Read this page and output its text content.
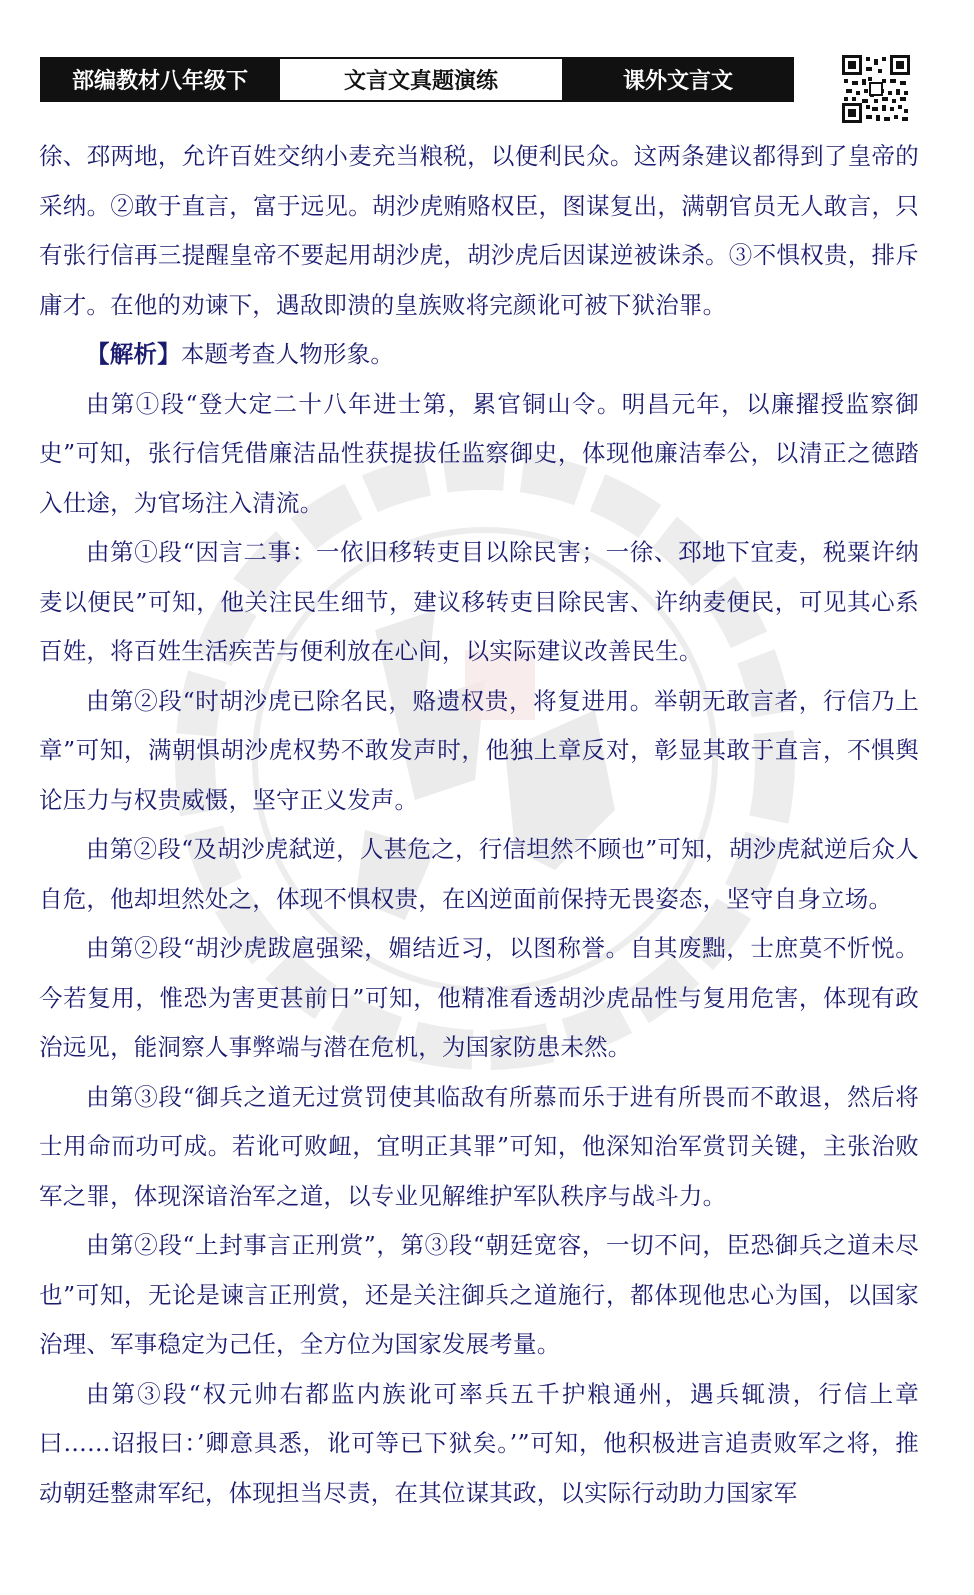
部编教材八年级下	文言文真题演练	课外文言文

徐、邳两地，允许百姓交纳小麦充当粮税，以便利民众。这两条建议都得到了皇帝的采纳。②敢于直言，富于远见。胡沙虎贿赂权臣，图谋复出，满朝官员无人敢言，只有张行信再三提醒皇帝不要起用胡沙虎，胡沙虎后因谋逆被诛杀。③不惧权贵，排斥庸才。在他的劝谏下，遇敌即溃的皇族败将完颜讹可被下狱治罪。

【解析】本题考查人物形象。

由第①段“登大定二十八年进士第，累官铜山令。明昌元年，以廉擢授监察御史”可知，张行信凭借廉洁品性获提拔任监察御史，体现他廉洁奉公，以清正之德踏入仕途，为官场注入清流。

由第①段“因言二事：一依旧移转吏目以除民害；一徐、邳地下宜麦，税粟许纳麦以便民”可知，他关注民生细节，建议移转吏目除民害、许纳麦便民，可见其心系百姓，将百姓生活疾苦与便利放在心间，以实际建议改善民生。

由第②段“时胡沙虎已除名民，赂遗权贵，将复进用。举朝无敢言者，行信乃上章”可知，满朝惧胡沙虎权势不敢发声时，他独上章反对，彰显其敢于直言，不惧舆论压力与权贵威慑，坚守正义发声。

由第②段“及胡沙虎弑逆，人甚危之，行信坦然不顾也”可知，胡沙虎弑逆后众人自危，他却坦然处之，体现不惧权贵，在凶逆面前保持无畏姿态，坚守自身立场。

由第②段“胡沙虎跋扈强梁，媚结近习，以图称誉。自其废黜，士庶莫不忻悦。今若复用，惟恐为害更甚前日”可知，他精准看透胡沙虎品性与复用危害，体现有政治远见，能洞察人事弊端与潜在危机，为国家防患未然。

由第③段“御兵之道无过赏罚使其临敌有所慕而乐于进有所畏而不敢退，然后将士用命而功可成。若讹可败衄，宜明正其罪”可知，他深知治军赏罚关键，主张治败军之罪，体现深谙治军之道，以专业见解维护军队秩序与战斗力。

由第②段“上封事言正刑赏”，第③段“朝廷宽容，一切不问，臣恐御兵之道未尽也”可知，无论是谏言正刑赏，还是关注御兵之道施行，都体现他忠心为国，以国家治理、军事稳定为己任，全方位为国家发展考量。

由第③段“权元帅右都监内族讹可率兵五千护粮通州，遇兵辄溃，行信上章曰……诏报曰：’卿意具悉，讹可等已下狱矣。’”可知，他积极进言追责败军之将，推动朝廷整肃军纪，体现担当尽责，在其位谋其政，以实际行动助力国家军
